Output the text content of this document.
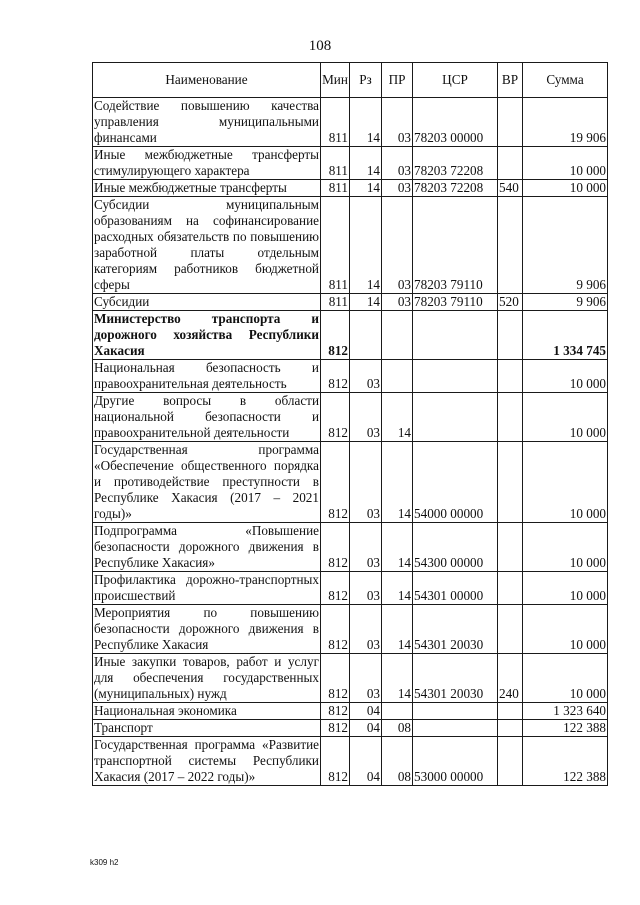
108
Наименование	Мин	Рз	ПР	ЦСР	ВР	Сумма
Содействие повышению качества управления муниципальными финансами	811	14	03	78203 00000		19 906
Иные межбюджетные трансферты стимулирующего характера	811	14	03	78203 72208		10 000
Иные межбюджетные трансферты	811	14	03	78203 72208	540	10 000
Субсидии муниципальным образованиям на софинансирование расходных обязательств по повышению заработной платы отдельным категориям работников бюджетной сферы	811	14	03	78203 79110		9 906
Субсидии	811	14	03	78203 79110	520	9 906
Министерство транспорта и дорожного хозяйства Республики Хакасия	812					1 334 745
Национальная безопасность и правоохранительная деятельность	812	03				10 000
Другие вопросы в области национальной безопасности и правоохранительной деятельности	812	03	14			10 000
Государственная программа «Обеспечение общественного порядка и противодействие преступности в Республике Хакасия (2017 – 2021 годы)»	812	03	14	54000 00000		10 000
Подпрограмма «Повышение безопасности дорожного движения в Республике Хакасия»	812	03	14	54300 00000		10 000
Профилактика дорожно-транспортных происшествий	812	03	14	54301 00000		10 000
Мероприятия по повышению безопасности дорожного движения в Республике Хакасия	812	03	14	54301 20030		10 000
Иные закупки товаров, работ и услуг для обеспечения государственных (муниципальных) нужд	812	03	14	54301 20030	240	10 000
Национальная экономика	812	04				1 323 640
Транспорт	812	04	08			122 388
Государственная программа «Развитие транспортной системы Республики Хакасия (2017 – 2022 годы)»	812	04	08	53000 00000		122 388
k309 h2
